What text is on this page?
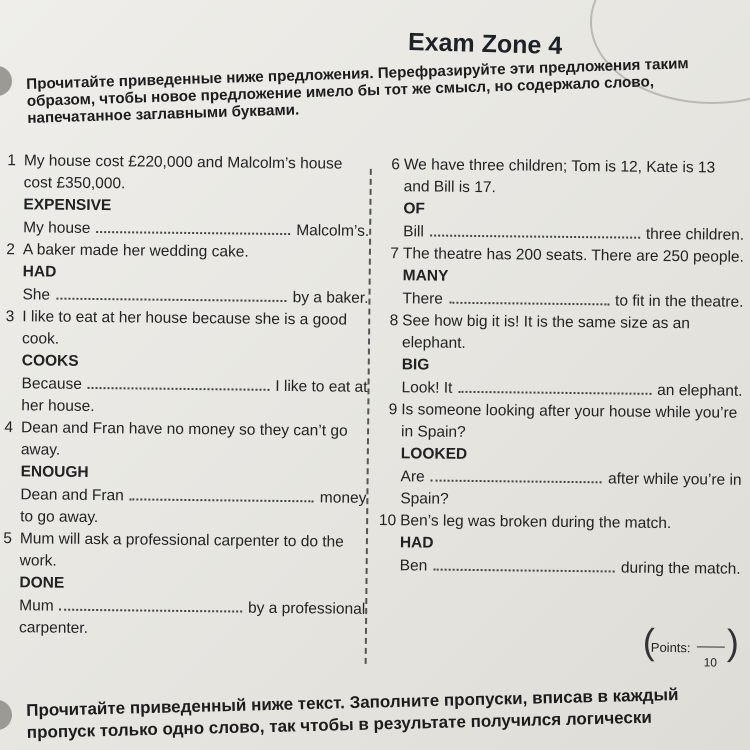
Exam Zone 4
Прочитайте приведенные ниже предложения. Перефразируйте эти предложения таким образом, чтобы новое предложение имело бы тот же смысл, но содержало слово, напечатанное заглавными буквами.
1 My house cost £220,000 and Malcolm’s house cost £350,000.
EXPENSIVE
My house	Malcolm’s.
2 A baker made her wedding cake.
HAD
She	by a baker.
3 I like to eat at her house because she is a good cook.
COOKS
Because	I like to eat at
her house.
4 Dean and Fran have no money so they can’t go away.
ENOUGH
Dean and Fran	money
to go away.
5 Mum will ask a professional carpenter to do the work.
DONE
Mum	by a professional
carpenter.
6 We have three children; Tom is 12, Kate is 13 and Bill is 17.
OF
Bill	three children.
7 The theatre has 200 seats. There are 250 people.
MANY
There	to fit in the theatre.
8 See how big it is! It is the same size as an elephant.
BIG
Look! It	an elephant.
9 Is someone looking after your house while you’re in Spain?
LOOKED
Are	after while you’re in
Spain?
10 Ben’s leg was broken during the match.
HAD
Ben	during the match.
(
Points:
10 )
Прочитайте приведенный ниже текст. Заполните пропуски, вписав в каждый пропуск только одно слово, так чтобы в результате получился логически
